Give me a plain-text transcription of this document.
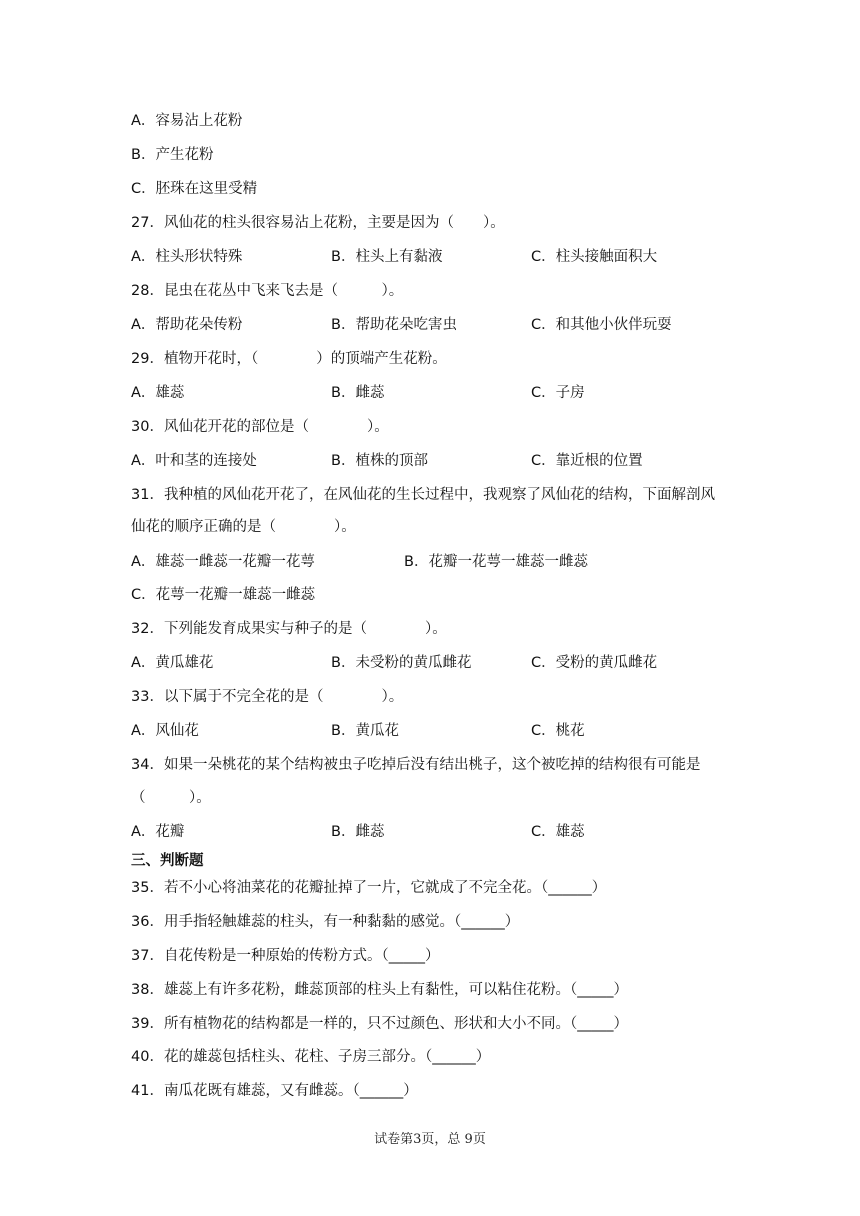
A．容易沾上花粉
B．产生花粉
C．胚珠在这里受精
27．风仙花的柱头很容易沾上花粉，主要是因为（　　）。
A．柱头形状特殊	B．柱头上有黏液	C．柱头接触面积大
28．昆虫在花丛中飞来飞去是（　　　）。
A．帮助花朵传粉	B．帮助花朵吃害虫	C．和其他小伙伴玩耍
29．植物开花时，（　　　　）的顶端产生花粉。
A．雄蕊	B．雌蕊	C．子房
30．风仙花开花的部位是（　　　　）。
A．叶和茎的连接处	B．植株的顶部	C．靠近根的位置
31．我种植的风仙花开花了，在风仙花的生长过程中，我观察了风仙花的结构，下面解剖风
仙花的顺序正确的是（　　　　）。
A．雄蕊一雌蕊一花瓣一花萼	B．花瓣一花萼一雄蕊一雌蕊
C．花萼一花瓣一雄蕊一雌蕊
32．下列能发育成果实与种子的是（　　　　）。
A．黄瓜雄花	B．未受粉的黄瓜雌花	C．受粉的黄瓜雌花
33．以下属于不完全花的是（　　　　）。
A．风仙花	B．黄瓜花	C．桃花
34．如果一朵桃花的某个结构被虫子吃掉后没有结出桃子，这个被吃掉的结构很有可能是
（　　　）。
A．花瓣	B．雌蕊	C．雄蕊
三、判断题
35．若不小心将油菜花的花瓣扯掉了一片，它就成了不完全花。（______）
36．用手指轻触雄蕊的柱头，有一种黏黏的感觉。（______）
37．自花传粉是一种原始的传粉方式。（_____）
38．雄蕊上有许多花粉，雌蕊顶部的柱头上有黏性，可以粘住花粉。（_____）
39．所有植物花的结构都是一样的，只不过颜色、形状和大小不同。（_____）
40．花的雄蕊包括柱头、花柱、子房三部分。（______）
41．南瓜花既有雄蕊，又有雌蕊。（______）
试卷第3页，总 9页
